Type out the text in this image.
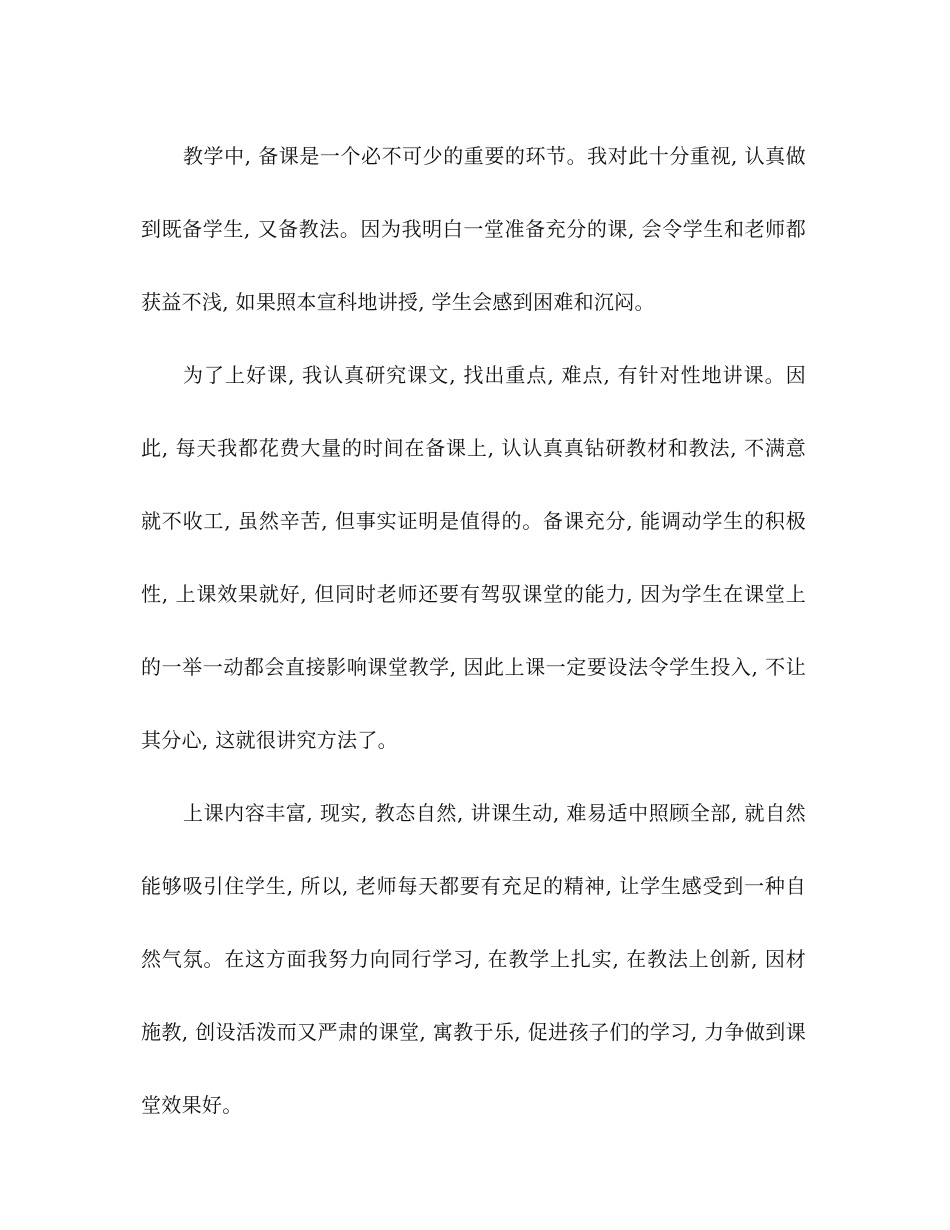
教学中, 备课是一个必不可少的重要的环节。我对此十分重视, 认真做到既备学生, 又备教法。因为我明白一堂准备充分的课, 会令学生和老师都获益不浅, 如果照本宣科地讲授, 学生会感到困难和沉闷。

为了上好课, 我认真研究课文, 找出重点, 难点, 有针对性地讲课。因此, 每天我都花费大量的时间在备课上, 认认真真钻研教材和教法, 不满意就不收工, 虽然辛苦, 但事实证明是值得的。备课充分, 能调动学生的积极性, 上课效果就好, 但同时老师还要有驾驭课堂的能力, 因为学生在课堂上的一举一动都会直接影响课堂教学, 因此上课一定要设法令学生投入, 不让其分心, 这就很讲究方法了。

上课内容丰富, 现实, 教态自然, 讲课生动, 难易适中照顾全部, 就自然能够吸引住学生, 所以, 老师每天都要有充足的精神, 让学生感受到一种自然气氛。在这方面我努力向同行学习, 在教学上扎实, 在教法上创新, 因材施教, 创设活泼而又严肃的课堂, 寓教于乐, 促进孩子们的学习, 力争做到课堂效果好。
